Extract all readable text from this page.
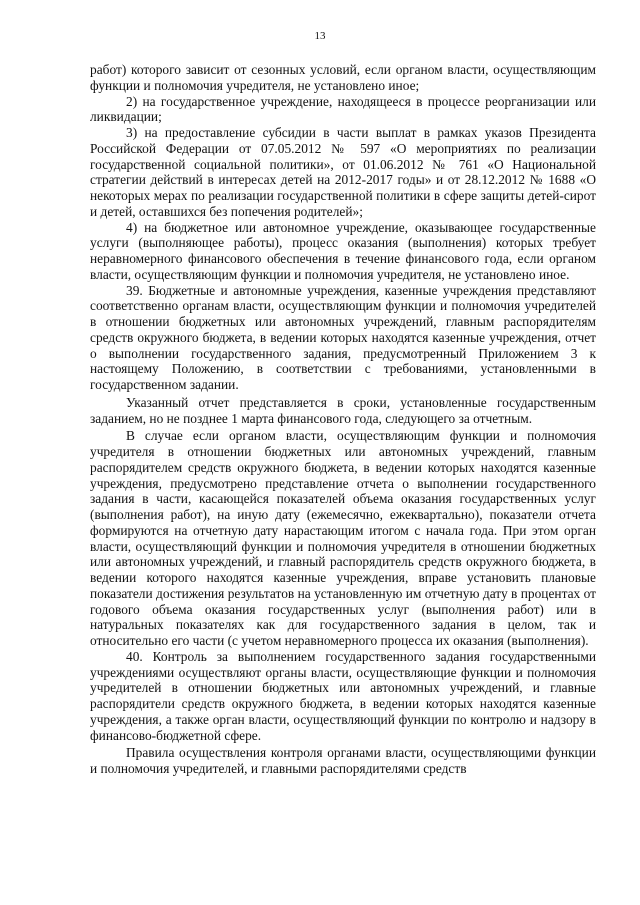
13

работ) которого зависит от сезонных условий, если органом власти, осуществляющим функции и полномочия учредителя, не установлено иное;

2) на государственное учреждение, находящееся в процессе реорганизации или ликвидации;

3) на предоставление субсидии в части выплат в рамках указов Президента Российской Федерации от 07.05.2012 № 597 «О мероприятиях по реализации государственной социальной политики», от 01.06.2012 № 761 «О Национальной стратегии действий в интересах детей на 2012-2017 годы» и от 28.12.2012 № 1688 «О некоторых мерах по реализации государственной политики в сфере защиты детей-сирот и детей, оставшихся без попечения родителей»;

4) на бюджетное или автономное учреждение, оказывающее государственные услуги (выполняющее работы), процесс оказания (выполнения) которых требует неравномерного финансового обеспечения в течение финансового года, если органом власти, осуществляющим функции и полномочия учредителя, не установлено иное.

39. Бюджетные и автономные учреждения, казенные учреждения представляют соответственно органам власти, осуществляющим функции и полномочия учредителей в отношении бюджетных или автономных учреждений, главным распорядителям средств окружного бюджета, в ведении которых находятся казенные учреждения, отчет о выполнении государственного задания, предусмотренный Приложением 3 к настоящему Положению, в соответствии с требованиями, установленными в государственном задании.

Указанный отчет представляется в сроки, установленные государственным заданием, но не позднее 1 марта финансового года, следующего за отчетным.

В случае если органом власти, осуществляющим функции и полномочия учредителя в отношении бюджетных или автономных учреждений, главным распорядителем средств окружного бюджета, в ведении которых находятся казенные учреждения, предусмотрено представление отчета о выполнении государственного задания в части, касающейся показателей объема оказания государственных услуг (выполнения работ), на иную дату (ежемесячно, ежеквартально), показатели отчета формируются на отчетную дату нарастающим итогом с начала года. При этом орган власти, осуществляющий функции и полномочия учредителя в отношении бюджетных или автономных учреждений, и главный распорядитель средств окружного бюджета, в ведении которого находятся казенные учреждения, вправе установить плановые показатели достижения результатов на установленную им отчетную дату в процентах от годового объема оказания государственных услуг (выполнения работ) или в натуральных показателях как для государственного задания в целом, так и относительно его части (с учетом неравномерного процесса их оказания (выполнения).

40. Контроль за выполнением государственного задания государственными учреждениями осуществляют органы власти, осуществляющие функции и полномочия учредителей в отношении бюджетных или автономных учреждений, и главные распорядители средств окружного бюджета, в ведении которых находятся казенные учреждения, а также орган власти, осуществляющий функции по контролю и надзору в финансово-бюджетной сфере.

Правила осуществления контроля органами власти, осуществляющими функции и полномочия учредителей, и главными распорядителями средств
